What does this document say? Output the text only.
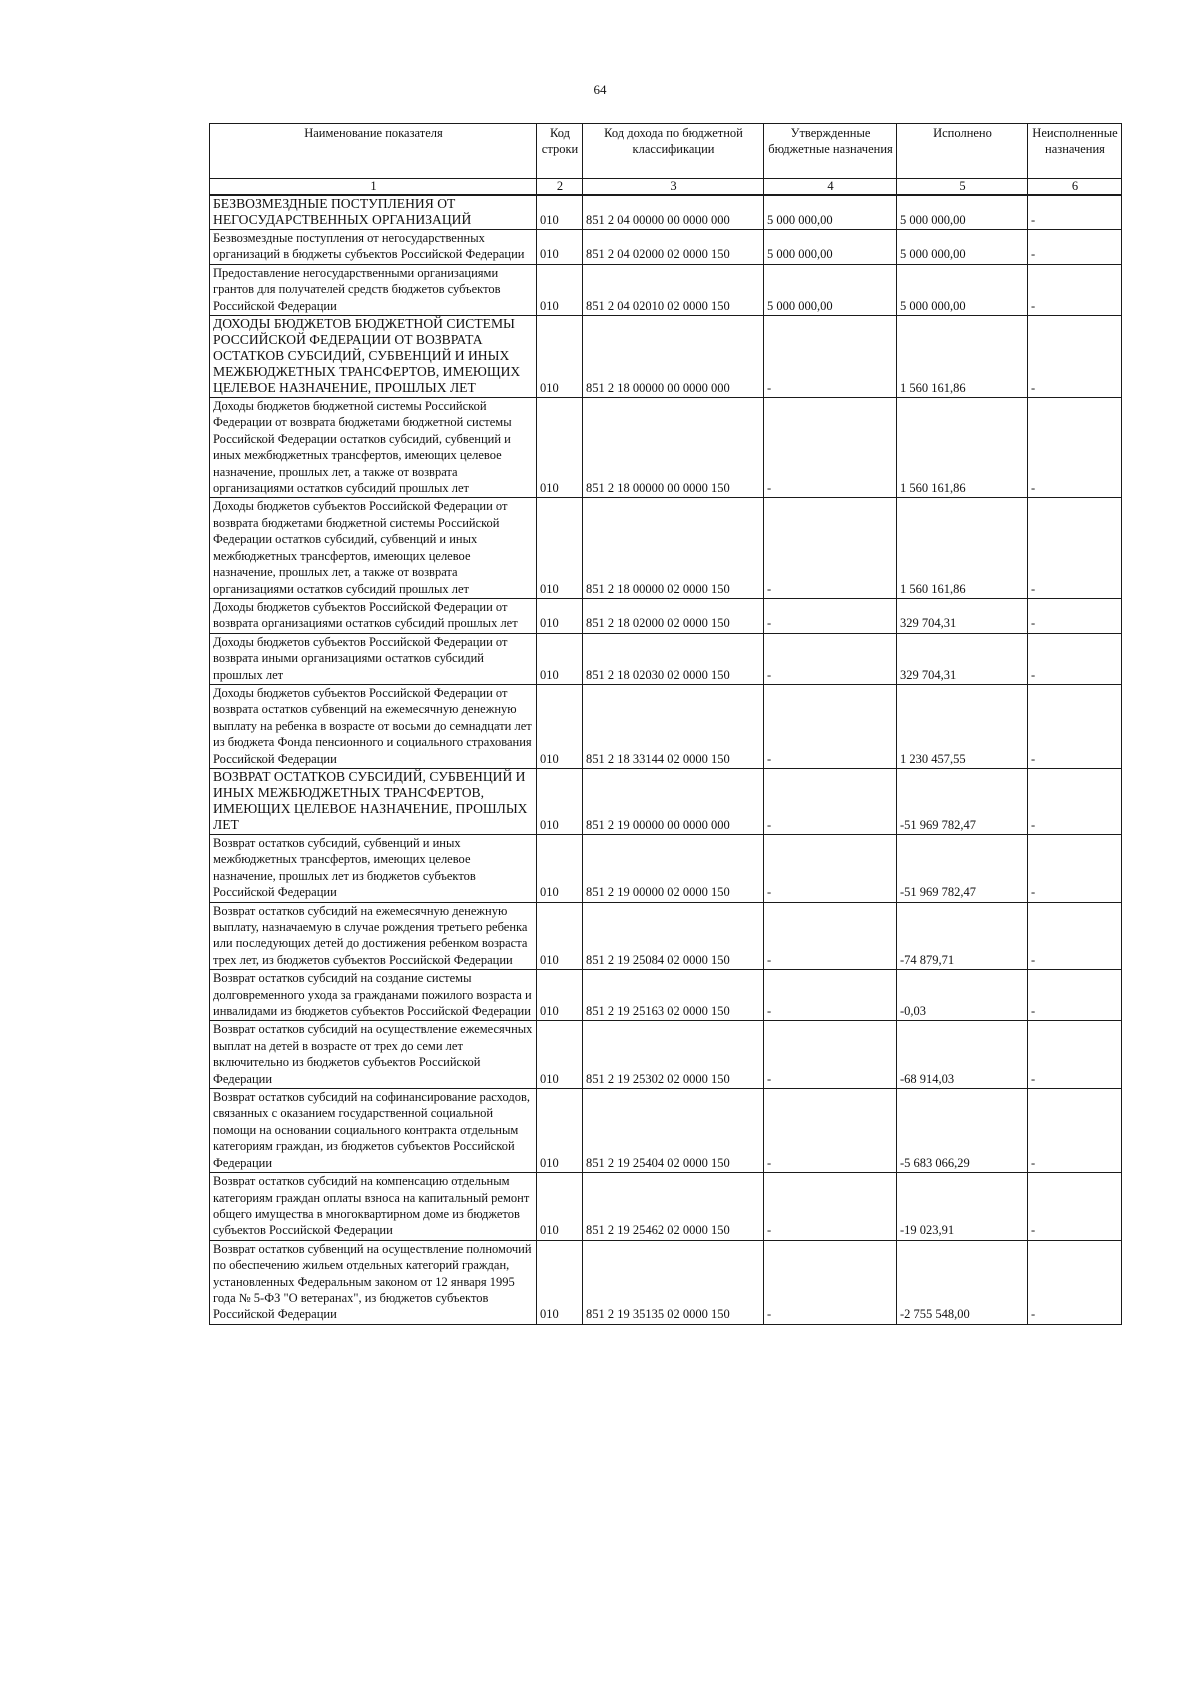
64
Наименование показателя	Код строки	Код дохода по бюджетной классификации	Утвержденные бюджетные назначения	Исполнено	Неисполненные назначения
1	2	3	4	5	6
БЕЗВОЗМЕЗДНЫЕ ПОСТУПЛЕНИЯ ОТ НЕГОСУДАРСТВЕННЫХ ОРГАНИЗАЦИЙ	010	851 2 04 00000 00 0000 000	5 000 000,00	5 000 000,00	-
Безвозмездные поступления от негосударственных организаций в бюджеты субъектов Российской Федерации	010	851 2 04 02000 02 0000 150	5 000 000,00	5 000 000,00	-
Предоставление негосударственными организациями грантов для получателей средств бюджетов субъектов Российской Федерации	010	851 2 04 02010 02 0000 150	5 000 000,00	5 000 000,00	-
ДОХОДЫ БЮДЖЕТОВ БЮДЖЕТНОЙ СИСТЕМЫ РОССИЙСКОЙ ФЕДЕРАЦИИ ОТ ВОЗВРАТА ОСТАТКОВ СУБСИДИЙ, СУБВЕНЦИЙ И ИНЫХ МЕЖБЮДЖЕТНЫХ ТРАНСФЕРТОВ, ИМЕЮЩИХ ЦЕЛЕВОЕ НАЗНАЧЕНИЕ, ПРОШЛЫХ ЛЕТ	010	851 2 18 00000 00 0000 000	-	1 560 161,86	-
Доходы бюджетов бюджетной системы Российской Федерации от возврата бюджетами бюджетной системы Российской Федерации остатков субсидий, субвенций и иных межбюджетных трансфертов, имеющих целевое назначение, прошлых лет, а также от возврата организациями остатков субсидий прошлых лет	010	851 2 18 00000 00 0000 150	-	1 560 161,86	-
Доходы бюджетов субъектов Российской Федерации от возврата бюджетами бюджетной системы Российской Федерации остатков субсидий, субвенций и иных межбюджетных трансфертов, имеющих целевое назначение, прошлых лет, а также от возврата организациями остатков субсидий прошлых лет	010	851 2 18 00000 02 0000 150	-	1 560 161,86	-
Доходы бюджетов субъектов Российской Федерации от возврата организациями остатков субсидий прошлых лет	010	851 2 18 02000 02 0000 150	-	329 704,31	-
Доходы бюджетов субъектов Российской Федерации от возврата иными организациями остатков субсидий прошлых лет	010	851 2 18 02030 02 0000 150	-	329 704,31	-
Доходы бюджетов субъектов Российской Федерации от возврата остатков субвенций на ежемесячную денежную выплату на ребенка в возрасте от восьми до семнадцати лет из бюджета Фонда пенсионного и социального страхования Российской Федерации	010	851 2 18 33144 02 0000 150	-	1 230 457,55	-
ВОЗВРАТ ОСТАТКОВ СУБСИДИЙ, СУБВЕНЦИЙ И ИНЫХ МЕЖБЮДЖЕТНЫХ ТРАНСФЕРТОВ, ИМЕЮЩИХ ЦЕЛЕВОЕ НАЗНАЧЕНИЕ, ПРОШЛЫХ ЛЕТ	010	851 2 19 00000 00 0000 000	-	-51 969 782,47	-
Возврат остатков субсидий, субвенций и иных межбюджетных трансфертов, имеющих целевое назначение, прошлых лет из бюджетов субъектов Российской Федерации	010	851 2 19 00000 02 0000 150	-	-51 969 782,47	-
Возврат остатков субсидий на ежемесячную денежную выплату, назначаемую в случае рождения третьего ребенка или последующих детей до достижения ребенком возраста трех лет, из бюджетов субъектов Российской Федерации	010	851 2 19 25084 02 0000 150	-	-74 879,71	-
Возврат остатков субсидий на создание системы долговременного ухода за гражданами пожилого возраста и инвалидами из бюджетов субъектов Российской Федерации	010	851 2 19 25163 02 0000 150	-	-0,03	-
Возврат остатков субсидий на осуществление ежемесячных выплат на детей в возрасте от трех до семи лет включительно из бюджетов субъектов Российской Федерации	010	851 2 19 25302 02 0000 150	-	-68 914,03	-
Возврат остатков субсидий на софинансирование расходов, связанных с оказанием государственной социальной помощи на основании социального контракта отдельным категориям граждан, из бюджетов субъектов Российской Федерации	010	851 2 19 25404 02 0000 150	-	-5 683 066,29	-
Возврат остатков субсидий на компенсацию отдельным категориям граждан оплаты взноса на капитальный ремонт общего имущества в многоквартирном доме из бюджетов субъектов Российской Федерации	010	851 2 19 25462 02 0000 150	-	-19 023,91	-
Возврат остатков субвенций на осуществление полномочий по обеспечению жильем отдельных категорий граждан, установленных Федеральным законом от 12 января 1995 года № 5-ФЗ "О ветеранах", из бюджетов субъектов Российской Федерации	010	851 2 19 35135 02 0000 150	-	-2 755 548,00	-
